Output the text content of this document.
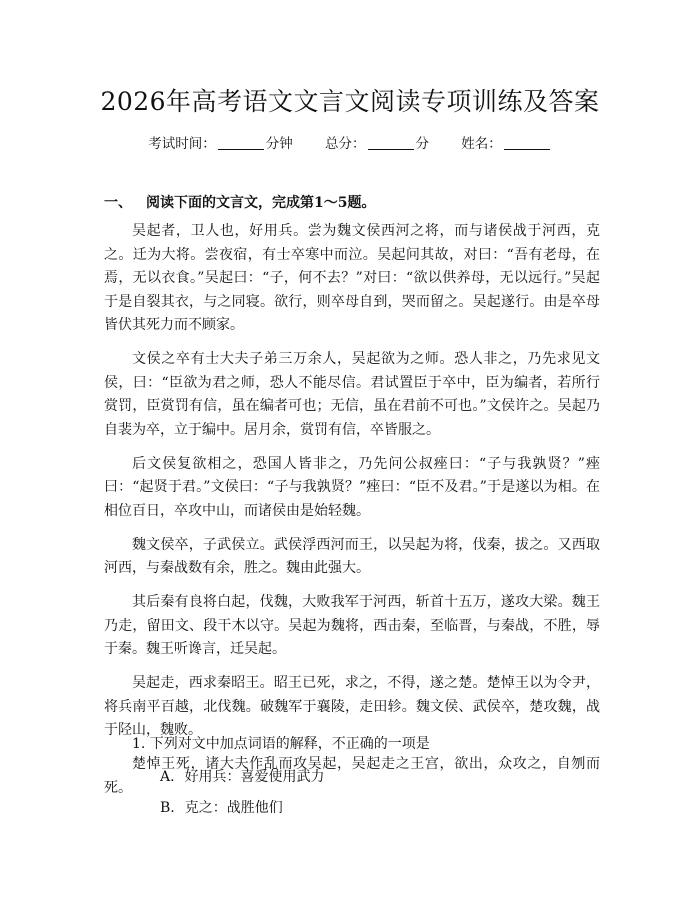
2026年高考语文文言文阅读专项训练及答案
考试时间：	分钟 总分：	分 姓名：
一、 阅读下面的文言文，完成第1～5题。

吴起者，卫人也，好用兵。尝为魏文侯西河之将，而与诸侯战于河西，克之。迁为大将。尝夜宿，有士卒寒中而泣。吴起问其故，对曰：“吾有老母，在焉，无以衣食。”吴起曰：“子，何不去？”对曰：“欲以供养母，无以远行。”吴起于是自裂其衣，与之同寝。欲行，则卒母自到，哭而留之。吴起遂行。由是卒母皆伏其死力而不顾家。

文侯之卒有士大夫子弟三万余人，吴起欲为之师。恐人非之，乃先求见文侯，曰：“臣欲为君之师，恐人不能尽信。君试置臣于卒中，臣为编者，若所行赏罚，臣赏罚有信，虽在编者可也；无信，虽在君前不可也。”文侯许之。吴起乃自裴为卒，立于编中。居月余，赏罚有信，卒皆服之。

后文侯复欲相之，恐国人皆非之，乃先问公叔痤曰：“子与我孰贤？”痤曰：“起贤于君。”文侯曰：“子与我孰贤？”痤曰：“臣不及君。”于是遂以为相。在相位百日，卒攻中山，而诸侯由是始轻魏。

魏文侯卒，子武侯立。武侯浮西河而王，以吴起为将，伐秦，拔之。又西取河西，与秦战数有余，胜之。魏由此强大。

其后秦有良将白起，伐魏，大败我军于河西，斩首十五万，遂攻大梁。魏王乃走，留田文、段干木以守。吴起为魏将，西击秦，至临晋，与秦战，不胜，辱于秦。魏王听谗言，迁吴起。

吴起走，西求秦昭王。昭王已死，求之，不得，遂之楚。楚悼王以为令尹，将兵南平百越，北伐魏。破魏军于襄陵，走田轸。魏文侯、武侯卒，楚攻魏，战于陉山，魏败。

楚悼王死，诸大夫作乱而攻吴起，吴起走之王宫，欲出，众攻之，自刎而死。

1. 下列对文中加点词语的解释，不正确的一项是
A. 好用兵：喜爱使用武力
B. 克之：战胜他们
